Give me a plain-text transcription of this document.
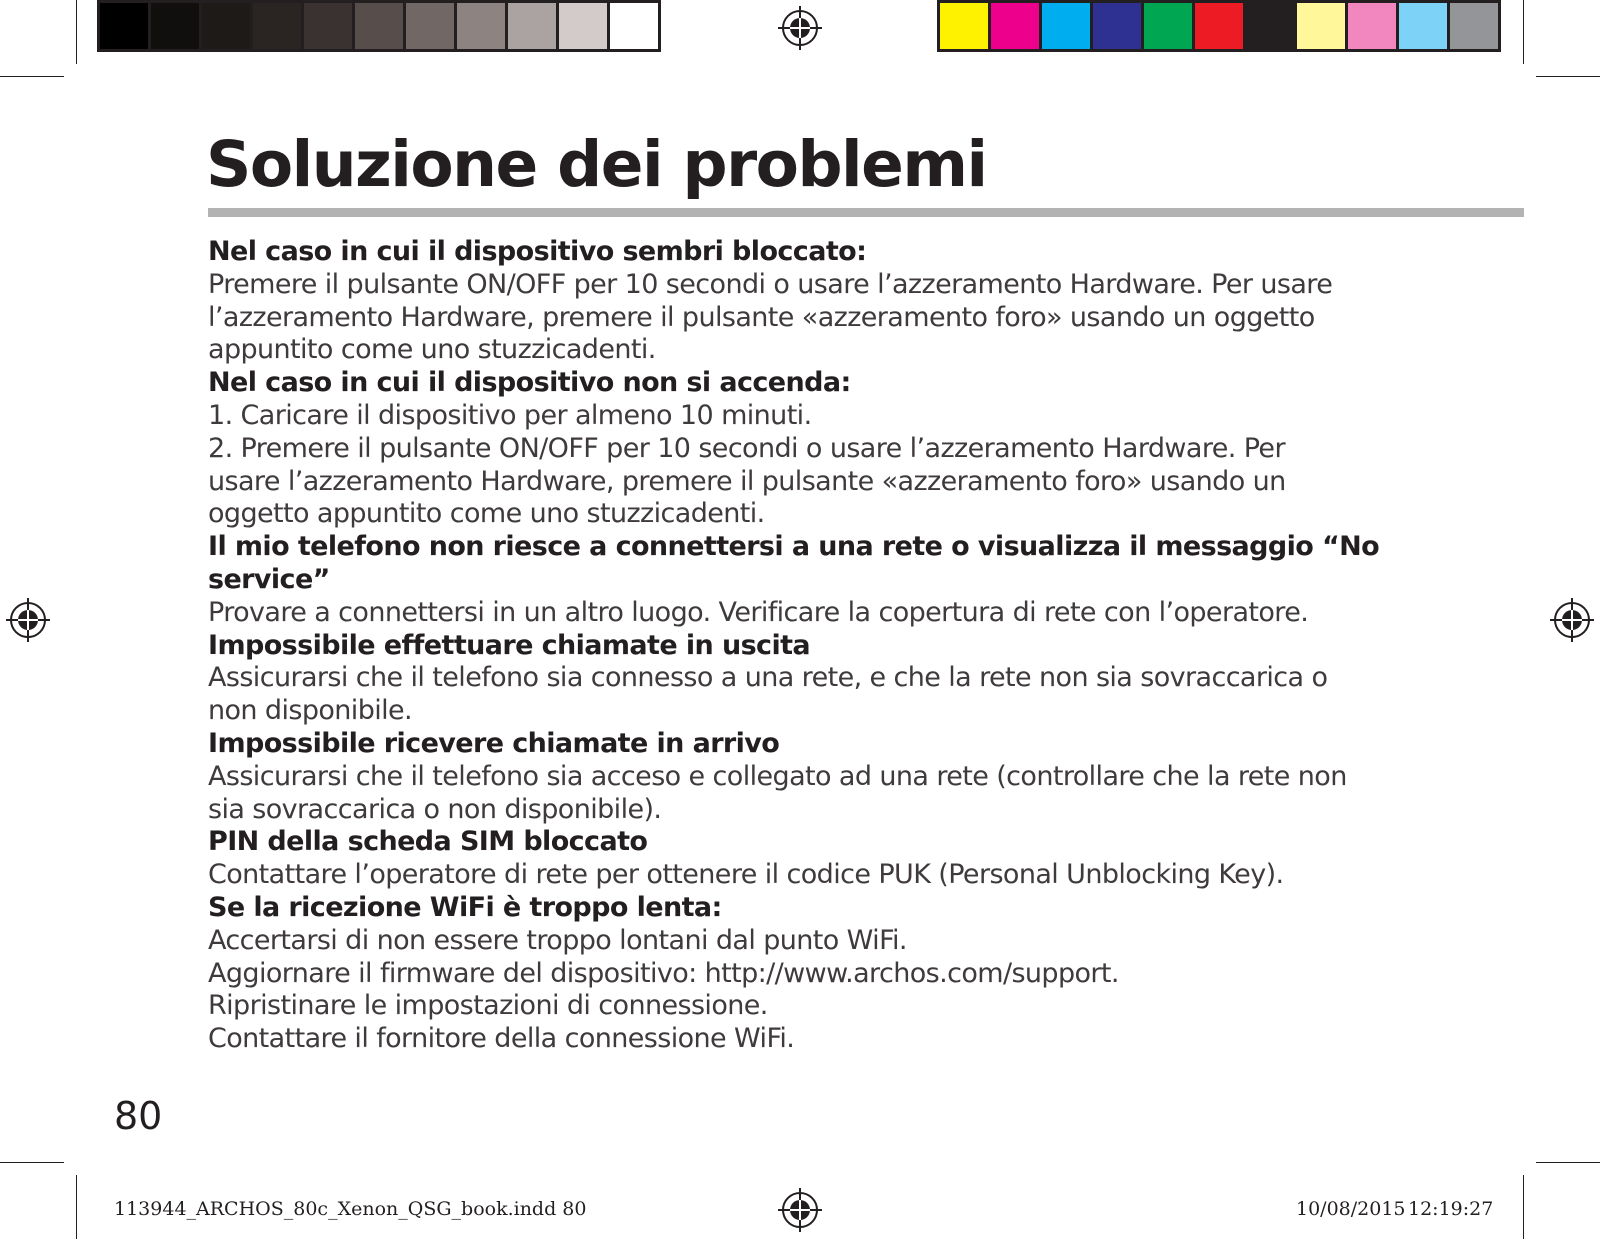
Soluzione dei problemi

Nel caso in cui il dispositivo sembri bloccato:

Premere il pulsante ON/OFF per 10 secondi o usare l’azzeramento Hardware. Per usare

l’azzeramento Hardware, premere il pulsante «azzeramento foro» usando un oggetto

appuntito come uno stuzzicadenti.

Nel caso in cui il dispositivo non si accenda:

1. Caricare il dispositivo per almeno 10 minuti.

2. Premere il pulsante ON/OFF per 10 secondi o usare l’azzeramento Hardware. Per

usare l’azzeramento Hardware, premere il pulsante «azzeramento foro» usando un

oggetto appuntito come uno stuzzicadenti.

Il mio telefono non riesce a connettersi a una rete o visualizza il messaggio “No

service”

Provare a connettersi in un altro luogo. Verificare la copertura di rete con l’operatore.

Impossibile effettuare chiamate in uscita

Assicurarsi che il telefono sia connesso a una rete, e che la rete non sia sovraccarica o

non disponibile.

Impossibile ricevere chiamate in arrivo

Assicurarsi che il telefono sia acceso e collegato ad una rete (controllare che la rete non

sia sovraccarica o non disponibile).

PIN della scheda SIM bloccato

Contattare l’operatore di rete per ottenere il codice PUK (Personal Unblocking Key).

Se la ricezione WiFi è troppo lenta:

Accertarsi di non essere troppo lontani dal punto WiFi.

Aggiornare il firmware del dispositivo: http://www.archos.com/support.

Ripristinare le impostazioni di connessione.

Contattare il fornitore della connessione WiFi.

80
113944_ARCHOS_80c_Xenon_QSG_book.indd 80	10/08/2015 12:19:27
